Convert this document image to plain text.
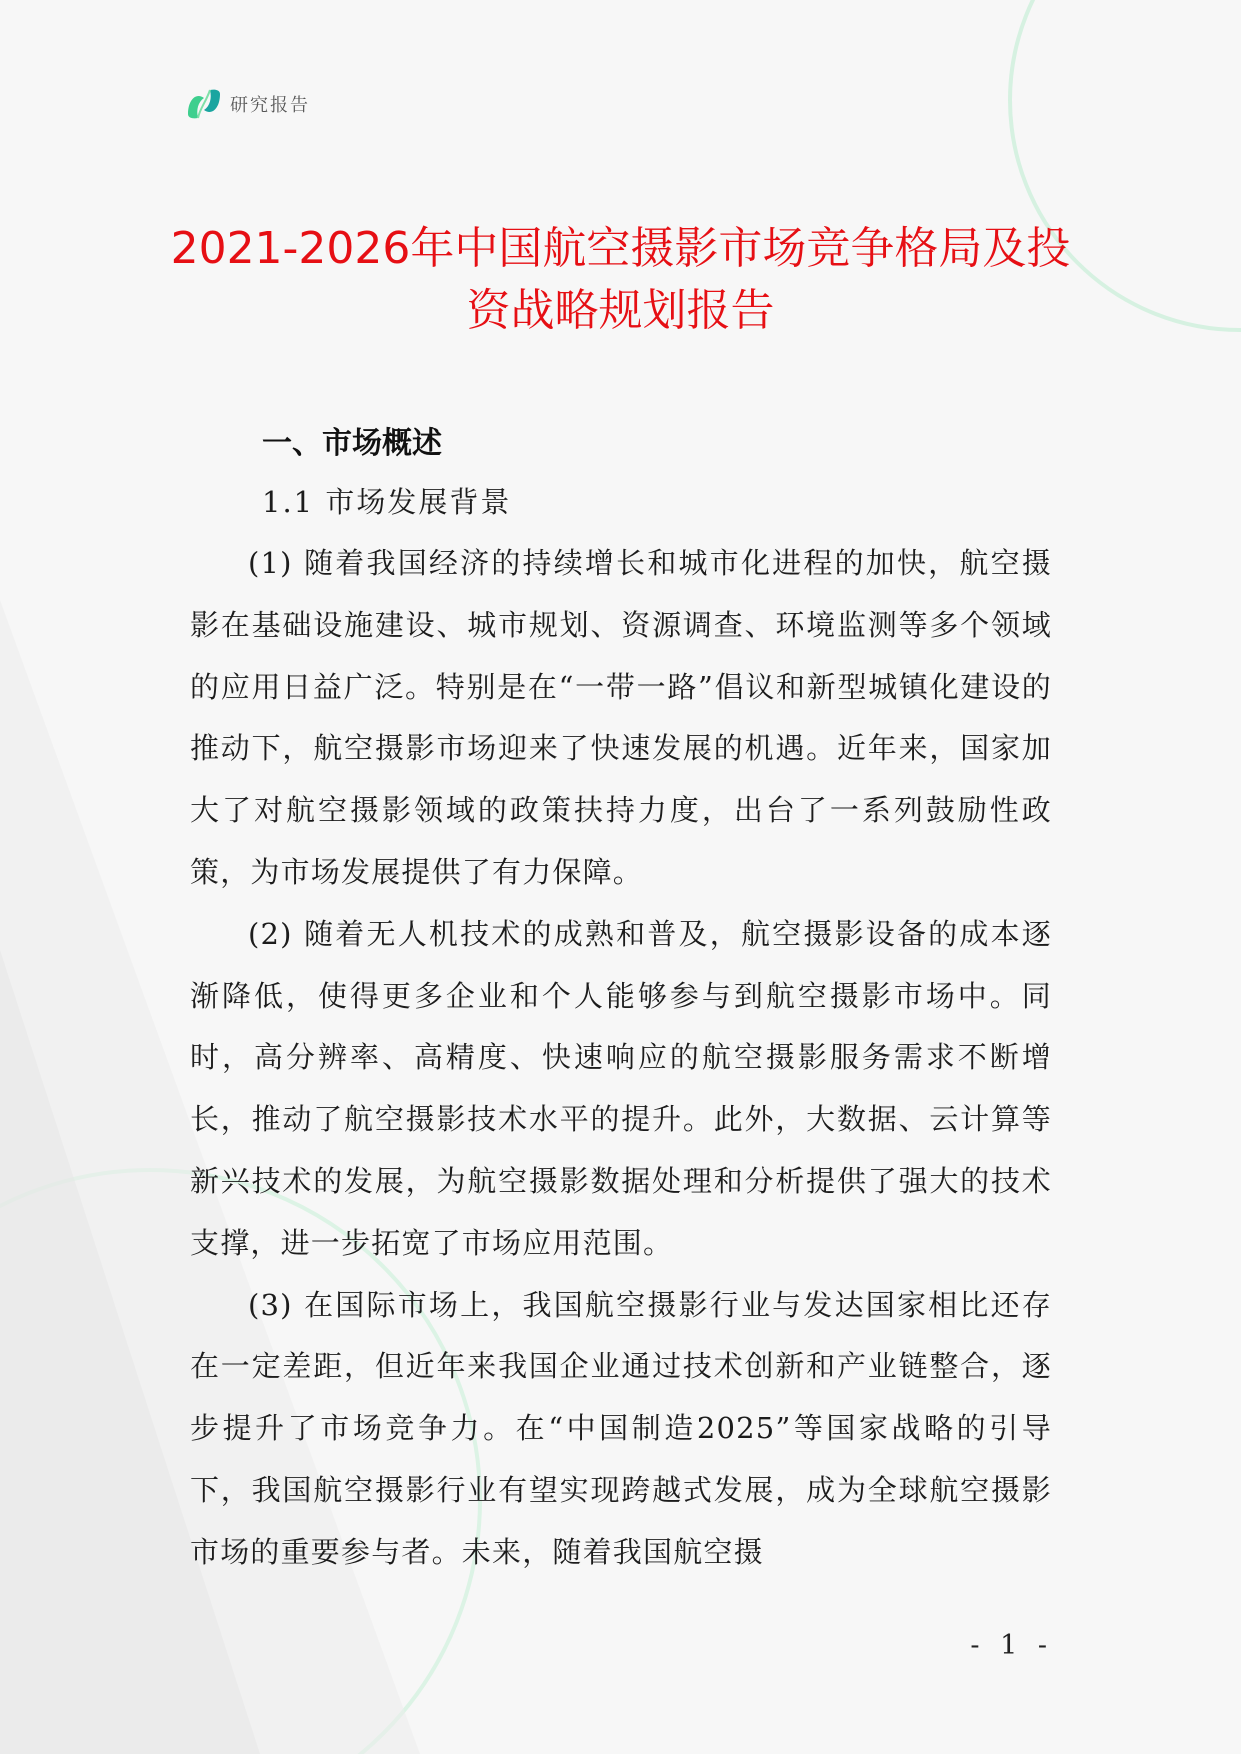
研究报告
2021-2026年中国航空摄影市场竞争格局及投资战略规划报告
一、市场概述
1.1 市场发展背景

(1) 随着我国经济的持续增长和城市化进程的加快，航空摄影在基础设施建设、城市规划、资源调查、环境监测等多个领域的应用日益广泛。特别是在“一带一路”倡议和新型城镇化建设的推动下，航空摄影市场迎来了快速发展的机遇。近年来，国家加大了对航空摄影领域的政策扶持力度，出台了一系列鼓励性政策，为市场发展提供了有力保障。

(2) 随着无人机技术的成熟和普及，航空摄影设备的成本逐渐降低，使得更多企业和个人能够参与到航空摄影市场中。同时，高分辨率、高精度、快速响应的航空摄影服务需求不断增长，推动了航空摄影技术水平的提升。此外，大数据、云计算等新兴技术的发展，为航空摄影数据处理和分析提供了强大的技术支撑，进一步拓宽了市场应用范围。

(3) 在国际市场上，我国航空摄影行业与发达国家相比还存在一定差距，但近年来我国企业通过技术创新和产业链整合，逐步提升了市场竞争力。在“中国制造2025”等国家战略的引导下，我国航空摄影行业有望实现跨越式发展，成为全球航空摄影市场的重要参与者。未来，随着我国航空摄

- 1 -
